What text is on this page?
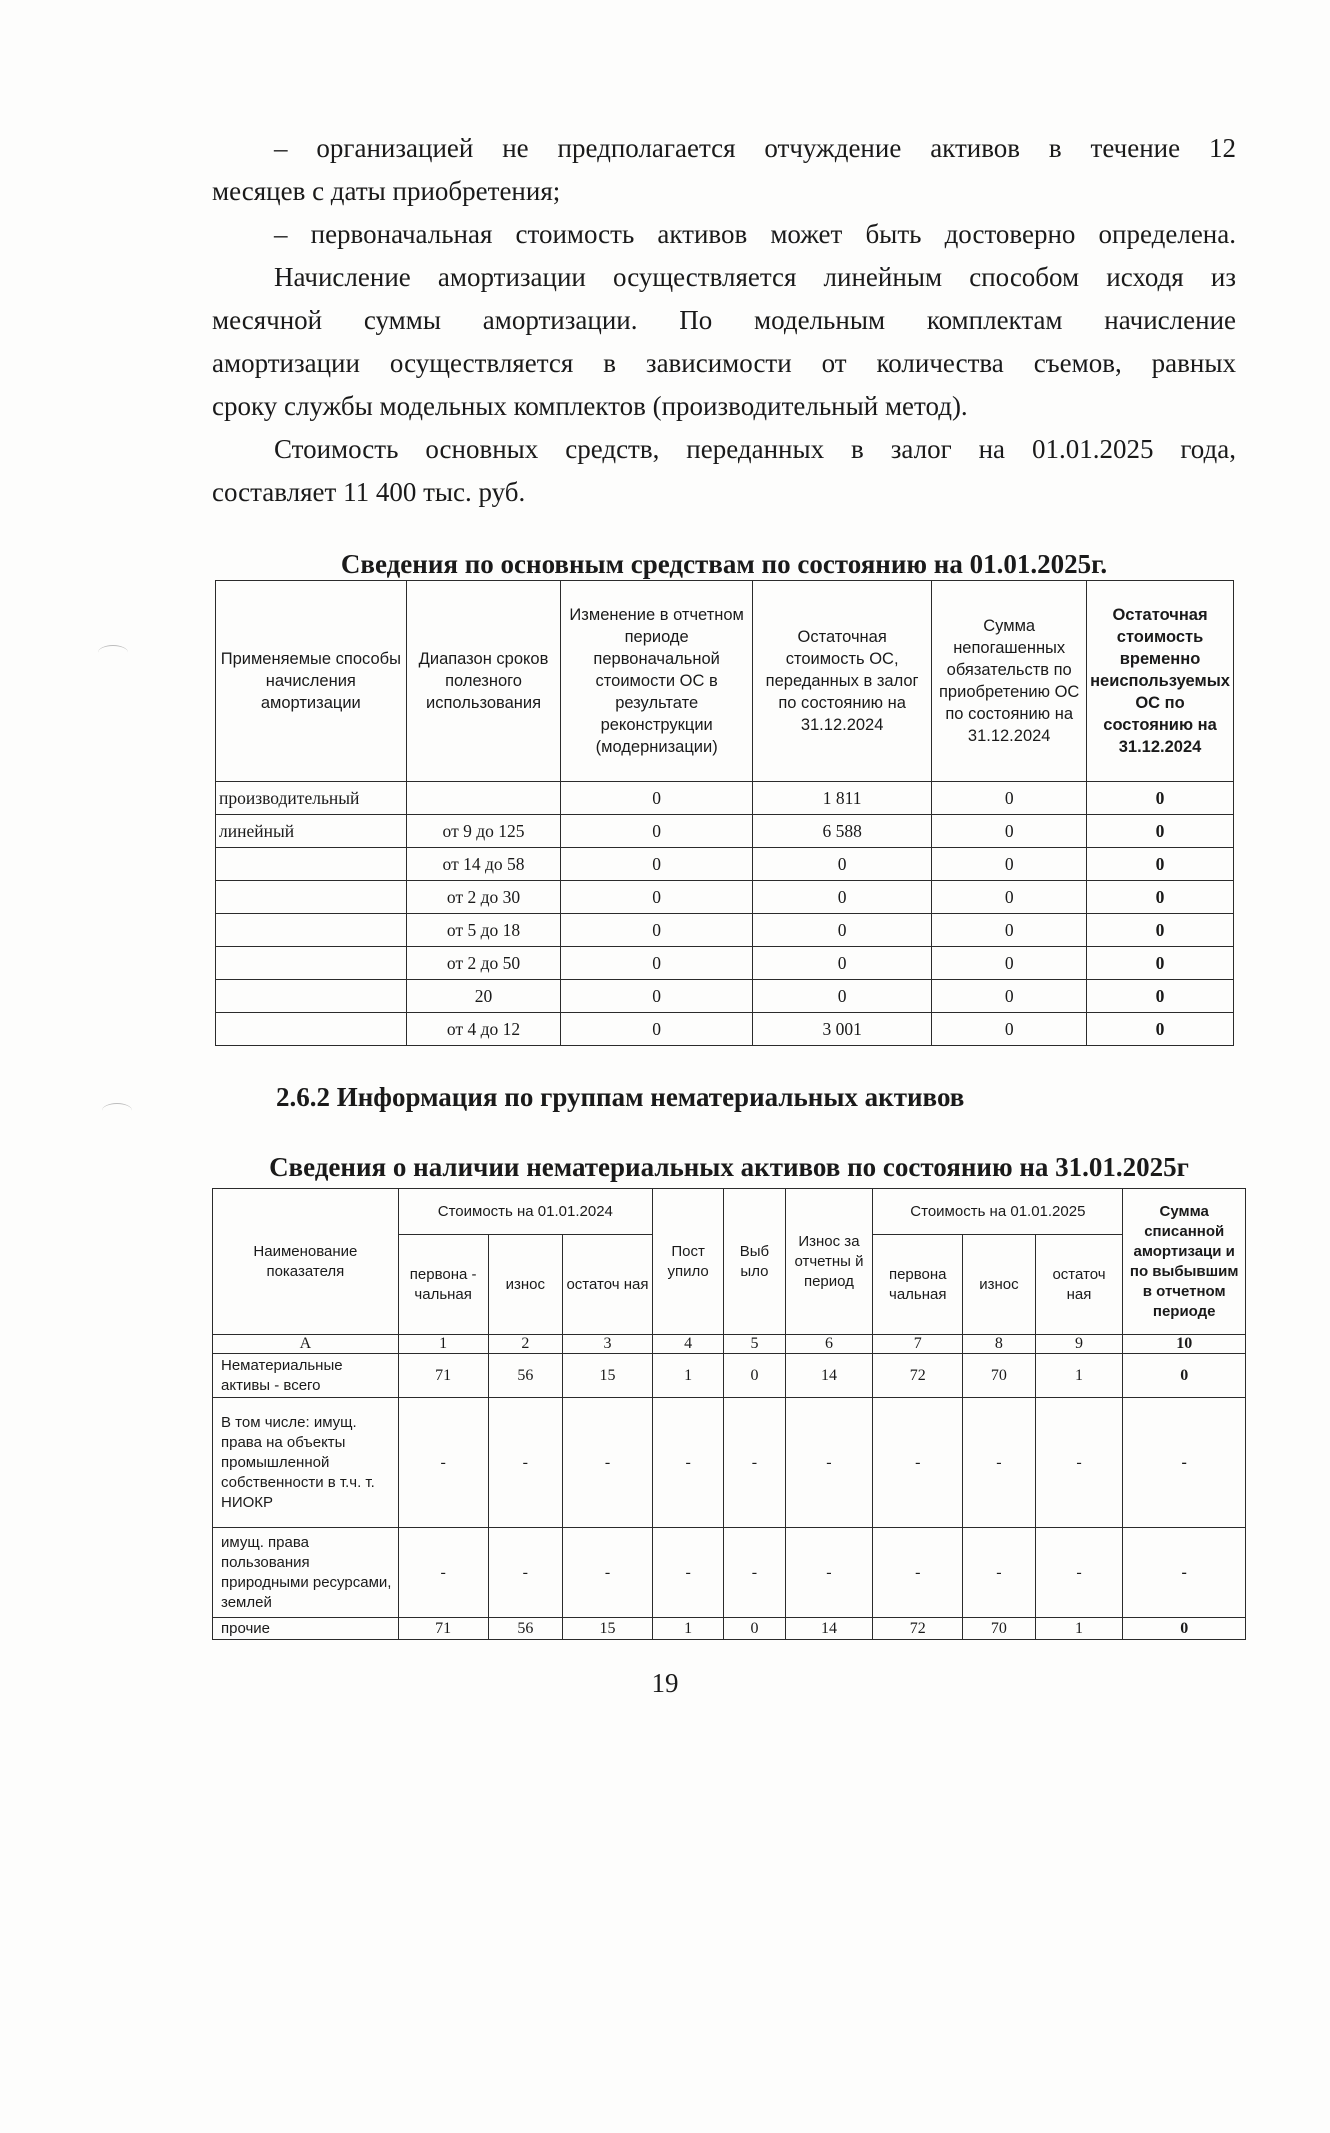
– организацией не предполагается отчуждение активов в течение 12
месяцев с даты приобретения;
– первоначальная стоимость активов может быть достоверно определена.
Начисление амортизации осуществляется линейным способом исходя из
месячной суммы амортизации. По модельным комплектам начисление
амортизации осуществляется в зависимости от количества съемов, равных
сроку службы модельных комплектов (производительный метод).
Стоимость основных средств, переданных в залог на 01.01.2025 года,
составляет 11 400 тыс. руб.
Сведения по основным средствам по состоянию на 01.01.2025г.
Применяемые способы начисления амортизации	Диапазон сроков полезного использования	Изменение в отчетном периоде первоначальной стоимости ОС в результате реконструкции (модернизации)	Остаточная стоимость ОС, переданных в залог по состоянию на 31.12.2024	Сумма непогашенных обязательств по приобретению ОС по состоянию на 31.12.2024	Остаточная стоимость временно неиспользуемых ОС по состоянию на 31.12.2024
производительный		0	1 811	0	0
линейный	от 9 до 125	0	6 588	0	0
	от 14 до 58	0	0	0	0
	от 2 до 30	0	0	0	0
	от 5 до 18	0	0	0	0
	от 2 до 50	0	0	0	0
	20	0	0	0	0
	от 4 до 12	0	3 001	0	0
2.6.2 Информация по группам нематериальных активов
Сведения о наличии нематериальных активов по состоянию на 31.01.2025г
Наименование показателя	Стоимость на 01.01.2024			Пост упило	Выб ыло	Износ за отчетны й период	Стоимость на 01.01.2025			Сумма списанной амортизаци и по выбывшим в отчетном периоде
	первона - чальная	износ	остаточ ная				первона чальная	износ	остаточ ная	
А	1	2	3	4	5	6	7	8	9	10
Нематериальные активы - всего	71	56	15	1	0	14	72	70	1	0
В том числе: имущ. права на объекты промышленной собственности в т.ч. т. НИОКР	-	-	-	-	-	-	-	-	-	-
имущ. права пользования природными ресурсами, землей	-	-	-	-	-	-	-	-	-	-
прочие	71	56	15	1	0	14	72	70	1	0
19
